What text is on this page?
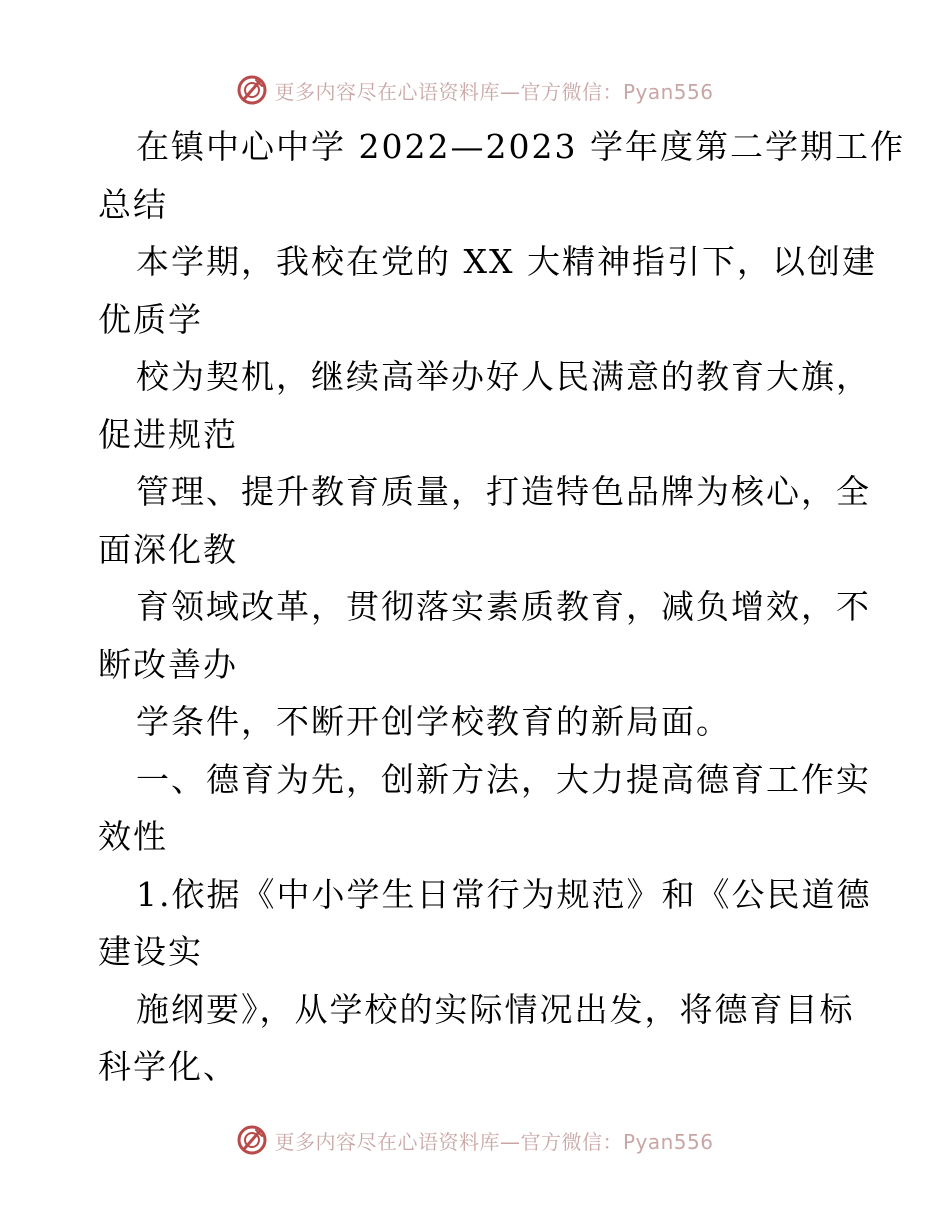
更多内容尽在心语资料库—官方微信：Pyan556
在镇中心中学 2022—2023 学年度第二学期工作
总结
本学期，我校在党的 XX 大精神指引下，以创建
优质学
校为契机，继续高举办好人民满意的教育大旗，
促进规范
管理、提升教育质量，打造特色品牌为核心，全
面深化教
育领域改革，贯彻落实素质教育，减负增效，不
断改善办
学条件，不断开创学校教育的新局面。
一、德育为先，创新方法，大力提高德育工作实
效性
1.依据《中小学生日常行为规范》和《公民道德
建设实
施纲要》，从学校的实际情况出发，将德育目标
科学化、
更多内容尽在心语资料库—官方微信：Pyan556
